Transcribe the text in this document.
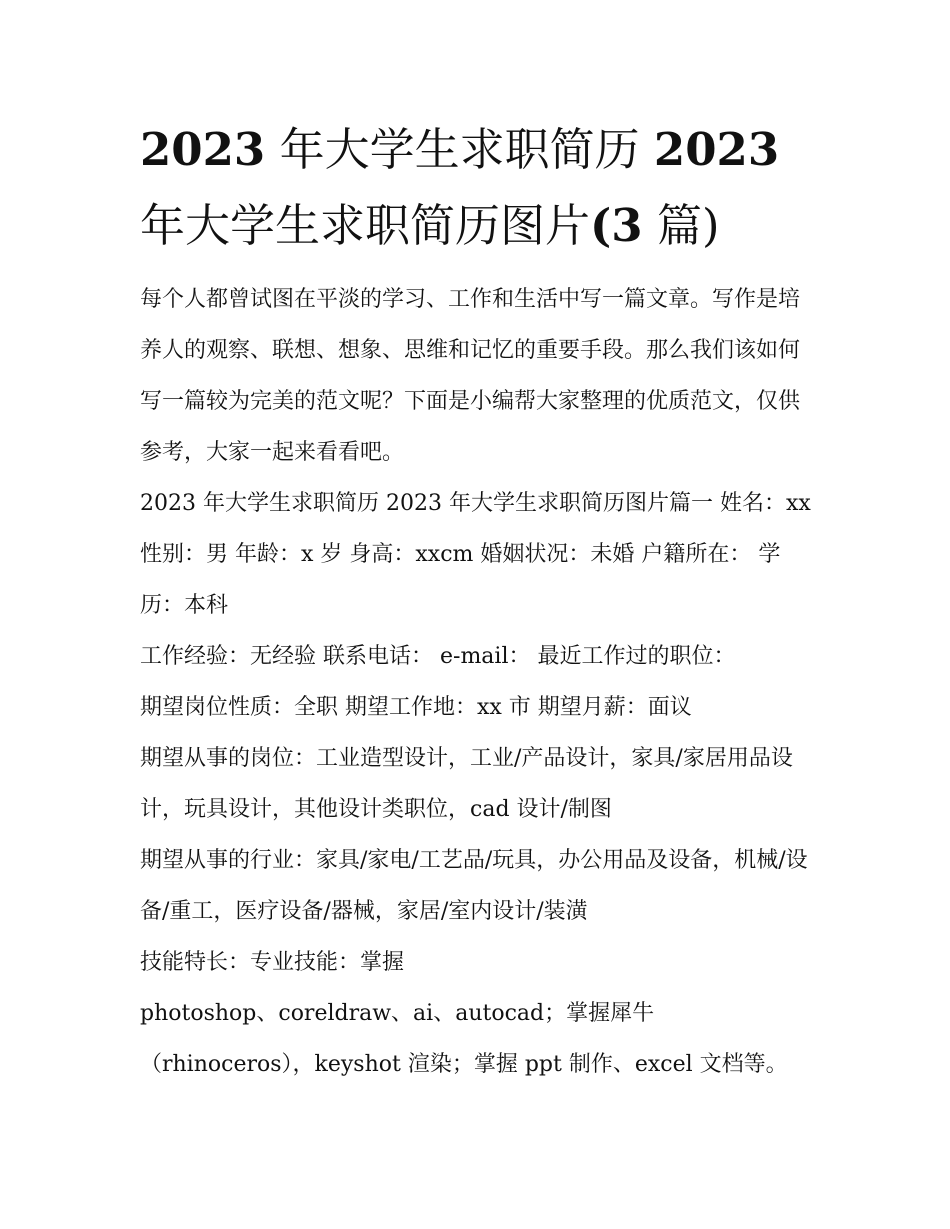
2023 年大学生求职简历 2023
年大学生求职简历图片(3 篇)

每个人都曾试图在平淡的学习、工作和生活中写一篇文章。写作是培养人的观察、联想、想象、思维和记忆的重要手段。那么我们该如何写一篇较为完美的范文呢？下面是小编帮大家整理的优质范文，仅供参考，大家一起来看看吧。

2023 年大学生求职简历 2023 年大学生求职简历图片篇一 姓名：xx 性别：男 年龄：x 岁 身高：xxcm 婚姻状况：未婚 户籍所在： 学历：本科

工作经验：无经验 联系电话： e-mail： 最近工作过的职位：

期望岗位性质：全职 期望工作地：xx 市 期望月薪：面议

期望从事的岗位：工业造型设计，工业/产品设计，家具/家居用品设计，玩具设计，其他设计类职位，cad 设计/制图

期望从事的行业：家具/家电/工艺品/玩具，办公用品及设备，机械/设备/重工，医疗设备/器械，家居/室内设计/装潢

技能特长：专业技能：掌握

photoshop、coreldraw、ai、autocad；掌握犀牛（rhinoceros），keyshot 渲染；掌握 ppt 制作、excel 文档等。
